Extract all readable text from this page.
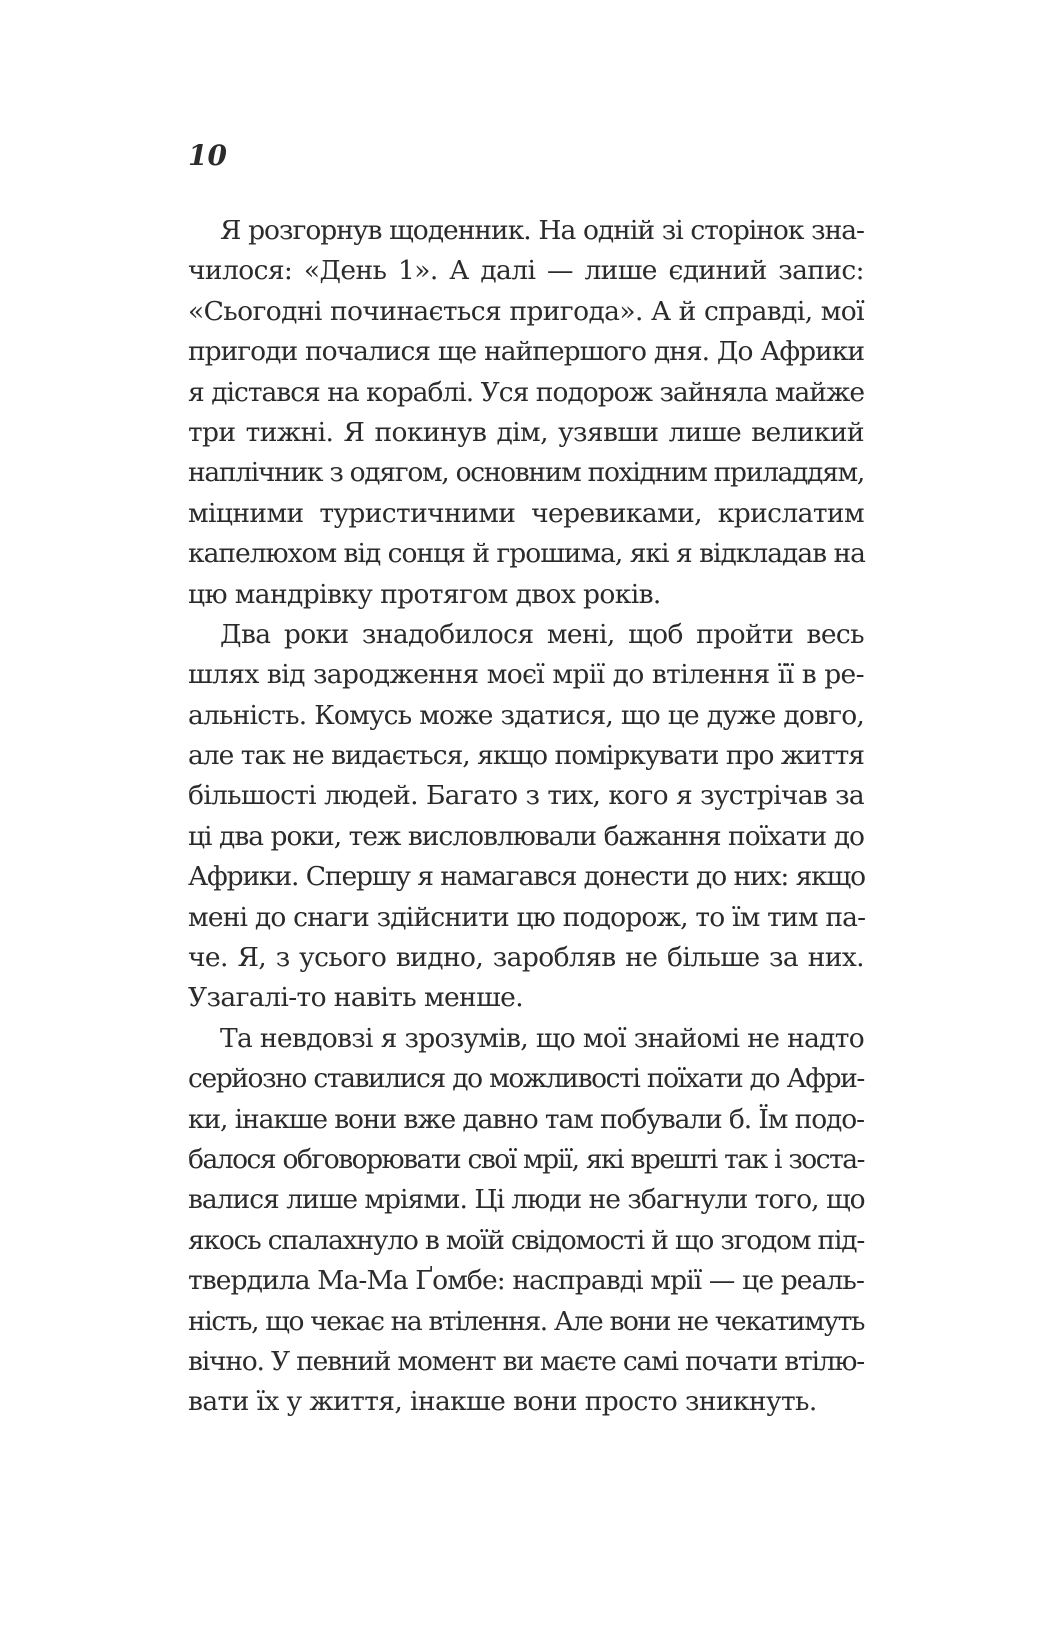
10
Я розгорнув щоденник. На одній зі сторінок зна-
чилося: «День 1». А далі — лише єдиний запис:
«Сьогодні починається пригода». А й справді, мої
пригоди почалися ще найпершого дня. До Африки
я дістався на кораблі. Уся подорож зайняла майже
три тижні. Я покинув дім, узявши лише великий
наплічник з одягом, основним похідним приладдям,
міцними туристичними черевиками, крислатим
капелюхом від сонця й грошима, які я відкладав на
цю мандрівку протягом двох років.
Два роки знадобилося мені, щоб пройти весь
шлях від зародження моєї мрії до втілення її в ре-
альність. Комусь може здатися, що це дуже довго,
але так не видається, якщо поміркувати про життя
більшості людей. Багато з тих, кого я зустрічав за
ці два роки, теж висловлювали бажання поїхати до
Африки. Спершу я намагався донести до них: якщо
мені до снаги здійснити цю подорож, то їм тим па-
че. Я, з усього видно, заробляв не більше за них.
Узагалі-то навіть менше.
Та невдовзі я зрозумів, що мої знайомі не надто
серйозно ставилися до можливості поїхати до Афри-
ки, інакше вони вже давно там побували б. Їм подо-
балося обговорювати свої мрії, які врешті так і зоста-
валися лише мріями. Ці люди не збагнули того, що
якось спалахнуло в моїй свідомості й що згодом під-
твердила Ма-Ма Ґомбе: насправді мрії — це реаль-
ність, що чекає на втілення. Але вони не чекатимуть
вічно. У певний момент ви маєте самі почати втілю-
вати їх у життя, інакше вони просто зникнуть.
